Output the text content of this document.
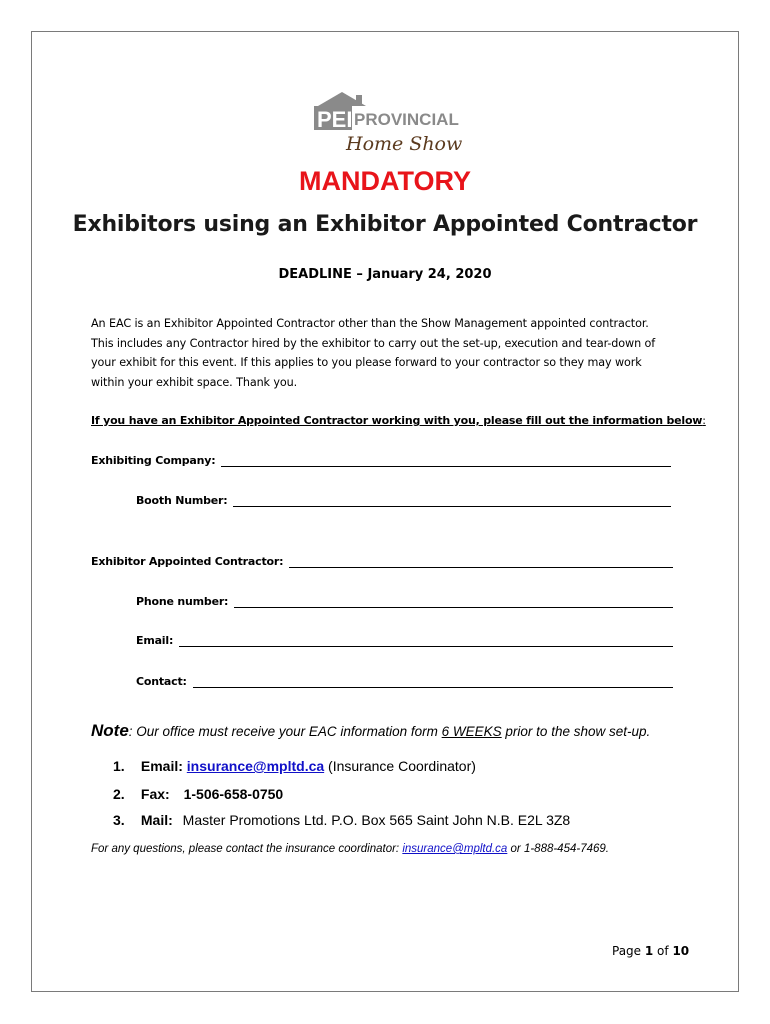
PEI PROVINCIAL
Home Show
MANDATORY
Exhibitors using an Exhibitor Appointed Contractor
DEADLINE – January 24, 2020
An EAC is an Exhibitor Appointed Contractor other than the Show Management appointed contractor.
This includes any Contractor hired by the exhibitor to carry out the set-up, execution and tear-down of
your exhibit for this event. If this applies to you please forward to your contractor so they may work
within your exhibit space. Thank you.
If you have an Exhibitor Appointed Contractor working with you, please fill out the information below:
Exhibiting Company:
Booth Number:
Exhibitor Appointed Contractor:
Phone number:
Email:
Contact:
Note: Our office must receive your EAC information form 6 WEEKS prior to the show set-up.
1. Email: insurance@mpltd.ca (Insurance Coordinator)
2. Fax: 1-506-658-0750
3. Mail: Master Promotions Ltd. P.O. Box 565 Saint John N.B. E2L 3Z8
For any questions, please contact the insurance coordinator: insurance@mpltd.ca or 1-888-454-7469.
Page 1 of 10
